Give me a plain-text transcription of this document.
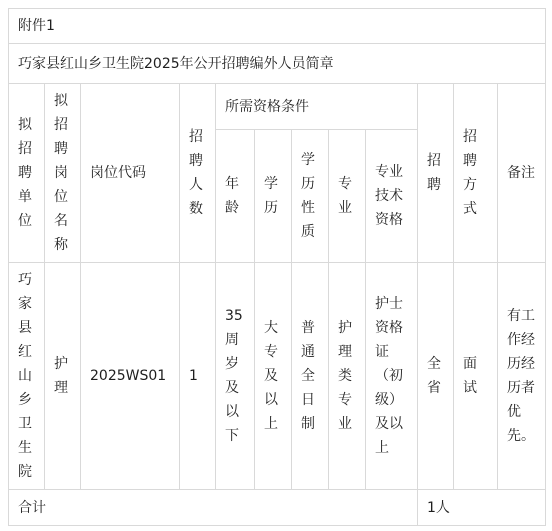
附件1											
巧家县红山乡卫生院2025年公开招聘编外人员简章											
拟招聘单位	拟招聘岗位名称	岗位代码	招聘人数	所需资格条件					招聘	招聘方式	备注
				年龄	学历	学历性质	专业	专业技术资格			
巧家县红山乡卫生院	护理	2025WS01	1	35周岁及以下	大专及以上	普通全日制	护理类专业	护士资格证（初级）及以上	全省	面试	有工作经历经历者优先。
合计									1人		
